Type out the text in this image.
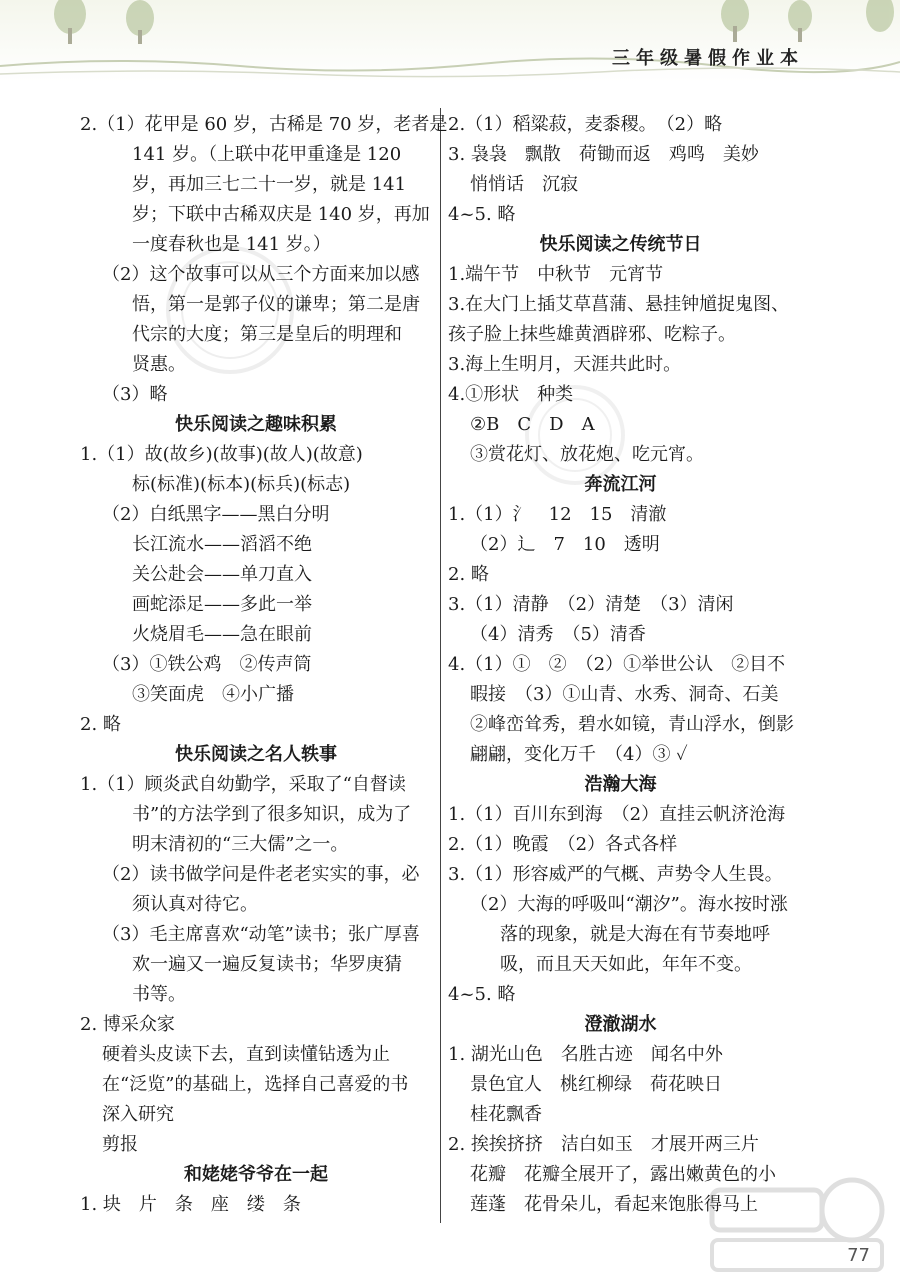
三年级暑假作业本
2.（1）花甲是 60 岁，古稀是 70 岁，老者是
141 岁。（上联中花甲重逢是 120
岁，再加三七二十一岁，就是 141
岁；下联中古稀双庆是 140 岁，再加
一度春秋也是 141 岁。）
（2）这个故事可以从三个方面来加以感
悟，第一是郭子仪的谦卑；第二是唐
代宗的大度；第三是皇后的明理和
贤惠。
（3）略
快乐阅读之趣味积累
1.（1）故(故乡)(故事)(故人)(故意)
标(标准)(标本)(标兵)(标志)
（2）白纸黑字——黑白分明
长江流水——滔滔不绝
关公赴会——单刀直入
画蛇添足——多此一举
火烧眉毛——急在眼前
（3）①铁公鸡　②传声筒
③笑面虎　④小广播
2. 略
快乐阅读之名人轶事
1.（1）顾炎武自幼勤学，采取了“自督读
书”的方法学到了很多知识，成为了
明末清初的“三大儒”之一。
（2）读书做学问是件老老实实的事，必
须认真对待它。
（3）毛主席喜欢“动笔”读书；张广厚喜
欢一遍又一遍反复读书；华罗庚猜
书等。
2. 博采众家
硬着头皮读下去，直到读懂钻透为止
在“泛览”的基础上，选择自己喜爱的书
深入研究
剪报
和姥姥爷爷在一起
1. 块　片　条　座　缕　条
2.（1）稻粱菽，麦黍稷。　（2）略
3. 袅袅　飘散　荷锄而返　鸡鸣　美妙
悄悄话　沉寂
4~5. 略
快乐阅读之传统节日
1.端午节　中秋节　元宵节
3.在大门上插艾草菖蒲、悬挂钟馗捉鬼图、
孩子脸上抹些雄黄酒辟邪、吃粽子。
3.海上生明月，天涯共此时。
4.①形状　种类
②B　C　D　A
③赏花灯、放花炮、吃元宵。
奔流江河
1.（1）氵　12　15　清澈
（2）辶　7　10　透明
2. 略
3.（1）清静　（2）清楚　（3）清闲
（4）清秀　（5）清香
4.（1）①　②　（2）①举世公认　②目不
暇接　（3）①山青、水秀、洞奇、石美
②峰峦耸秀，碧水如镜，青山浮水，倒影
翩翩，变化万千　（4）③ ✓
浩瀚大海
1.（1）百川东到海　（2）直挂云帆济沧海
2.（1）晚霞　（2）各式各样
3.（1）形容威严的气概、声势令人生畏。
（2）大海的呼吸叫“潮汐”。海水按时涨
落的现象，就是大海在有节奏地呼
吸，而且天天如此，年年不变。
4~5. 略
澄澈湖水
1. 湖光山色　名胜古迹　闻名中外
景色宜人　桃红柳绿　荷花映日
桂花飘香
2. 挨挨挤挤　洁白如玉　才展开两三片
花瓣　花瓣全展开了，露出嫩黄色的小
莲蓬　花骨朵儿，看起来饱胀得马上
77
